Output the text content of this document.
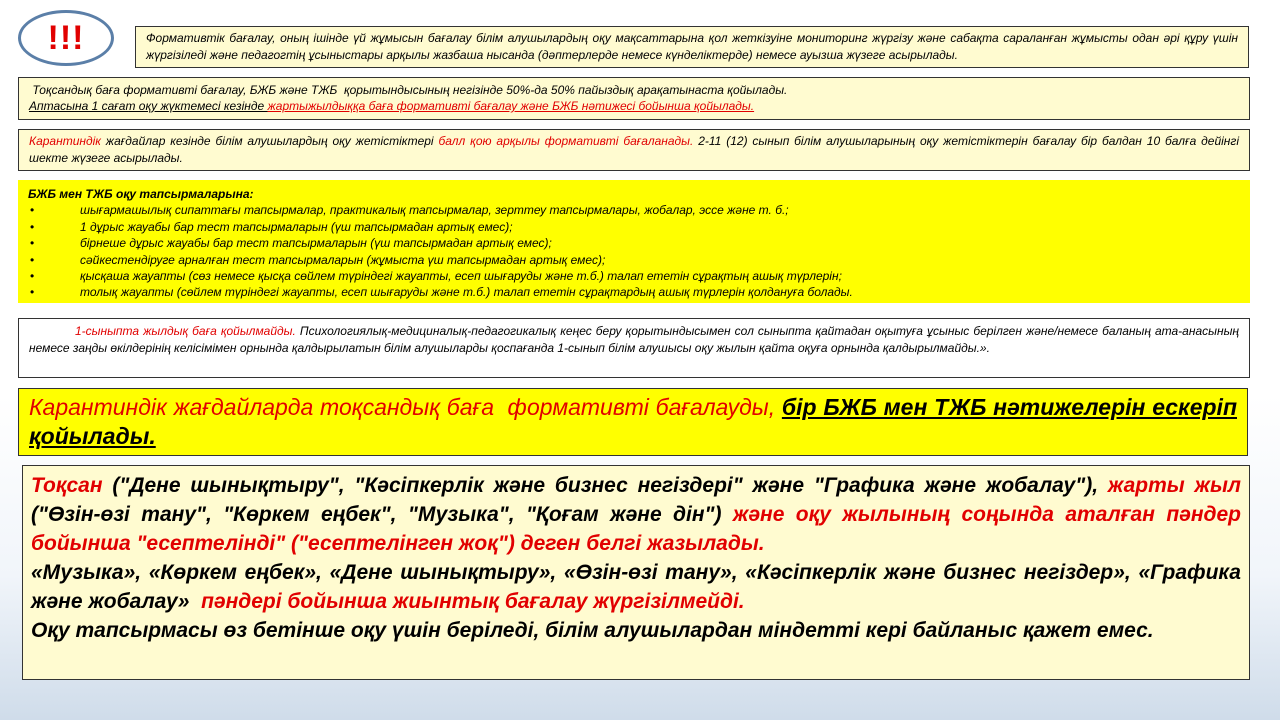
!!!	Формативтік бағалау, оның ішінде үй жұмысын бағалау білім алушылардың оқу мақсаттарына қол жеткізуіне мониторинг жүргізу және сабақта сараланған жұмысты одан әрі құру үшін жүргізіледі және педагогтің ұсыныстары арқылы жазбаша нысанда (дәптерлерде немесе күнделіктерде) немесе ауызша жүзеге асырылады.
Тоқсандық баға формативті бағалау, БЖБ және ТЖБ  қорытындысының негізінде 50%-да 50% пайыздық арақатынаста қойылады.
Аптасына 1 сағат оқу жүктемесі кезінде жартыжылдыққа баға формативті бағалау және БЖБ нәтижесі бойынша қойылады.
Карантиндік жағдайлар кезінде білім алушылардың оқу жетістіктері балл қою арқылы формативті бағаланады. 2-11 (12) сынып білім алушыларының оқу жетістіктерін бағалау бір балдан 10 балға дейінгі шекте жүзеге асырылады.
БЖБ мен ТЖБ оқу тапсырмаларына:
•	шығармашылық сипаттағы тапсырмалар, практикалық тапсырмалар, зерттеу тапсырмалары, жобалар, эссе және т. б.;
•	1 дұрыс жауабы бар тест тапсырмаларын (үш тапсырмадан артық емес);
•	бірнеше дұрыс жауабы бар тест тапсырмаларын (үш тапсырмадан артық емес);
•	сәйкестендіруге арналған тест тапсырмаларын (жұмыста үш тапсырмадан артық емес);
•	қысқаша жауапты (сөз немесе қысқа сөйлем түріндегі жауапты, есеп шығаруды және т.б.) талап ететін сұрақтың ашық түрлерін;
•	толық жауапты (сөйлем түріндегі жауапты, есеп шығаруды және т.б.) талап ететін сұрақтардың ашық түрлерін қолдануға болады.
1-сыныпта жылдық баға қойылмайды. Психологиялық-медициналық-педагогикалық кеңес беру қорытындысымен сол сыныпта қайтадан оқытуға ұсыныс берілген және/немесе баланың ата-анасының немесе заңды өкілдерінің келісімімен орнында қалдырылатын білім алушыларды қоспағанда 1-сынып білім алушысы оқу жылын қайта оқуға орнында қалдырылмайды.».
Карантиндік жағдайларда тоқсандық баға  формативті бағалауды, бір БЖБ мен ТЖБ нәтижелерін ескеріп қойылады.

Тоқсан ("Дене шынықтыру", "Кәсіпкерлік және бизнес негіздері" және "Графика және жобалау"), жарты жыл ("Өзін-өзі тану", "Көркем еңбек", "Музыка", "Қоғам және дін") және оқу жылының соңында аталған пәндер бойынша "есептелінді" ("есептелінген жоқ") деген белгі жазылады.

«Музыка», «Көркем еңбек», «Дене шынықтыру», «Өзін-өзі тану», «Кәсіпкерлік және бизнес негіздер», «Графика және жобалау»  пәндері бойынша жиынтық бағалау жүргізілмейді.

Оқу тапсырмасы өз бетінше оқу үшін беріледі, білім алушылардан міндетті кері байланыс қажет емес.
